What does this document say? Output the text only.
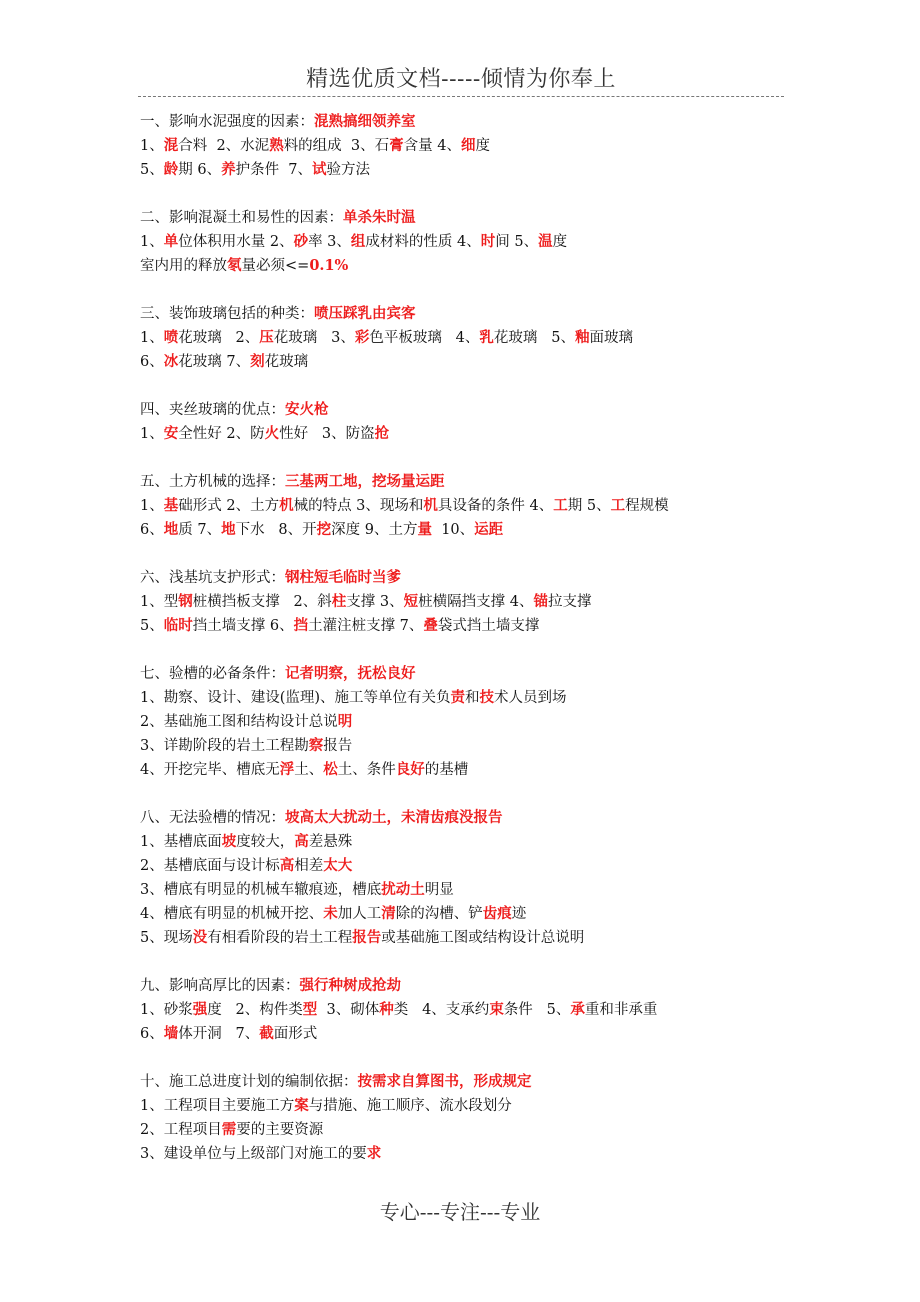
精选优质文档-----倾情为你奉上
一、影响水泥强度的因素：混熟搞细领养室
1、混合料  2、水泥熟料的组成  3、石膏含量 4、细度
5、龄期 6、养护条件  7、试验方法
二、影响混凝土和易性的因素：单杀朱时温
1、单位体积用水量 2、砂率 3、组成材料的性质 4、时间 5、温度
室内用的释放氡量必须<=0.1%
三、装饰玻璃包括的种类：喷压踩乳由宾客
1、喷花玻璃   2、压花玻璃   3、彩色平板玻璃   4、乳花玻璃   5、釉面玻璃
6、冰花玻璃 7、刻花玻璃
四、夹丝玻璃的优点：安火枪
1、安全性好 2、防火性好   3、防盗抢
五、土方机械的选择：三基两工地，挖场量运距
1、基础形式 2、土方机械的特点 3、现场和机具设备的条件 4、工期 5、工程规模
6、地质 7、地下水   8、开挖深度 9、土方量  10、运距
六、浅基坑支护形式：钢柱短毛临时当爹
1、型钢桩横挡板支撑   2、斜柱支撑 3、短桩横隔挡支撑 4、锚拉支撑
5、临时挡土墙支撑 6、挡土灌注桩支撑 7、叠袋式挡土墙支撑
七、验槽的必备条件：记者明察，抚松良好
1、勘察、设计、建设(监理)、施工等单位有关负责和技术人员到场
2、基础施工图和结构设计总说明
3、详勘阶段的岩土工程勘察报告
4、开挖完毕、槽底无浮土、松土、条件良好的基槽
八、无法验槽的情况：坡高太大扰动土，未清齿痕没报告
1、基槽底面坡度较大，高差悬殊
2、基槽底面与设计标高相差太大
3、槽底有明显的机械车辙痕迹，槽底扰动土明显
4、槽底有明显的机械开挖、未加人工清除的沟槽、铲齿痕迹
5、现场没有相看阶段的岩土工程报告或基础施工图或结构设计总说明
九、影响高厚比的因素：强行种树成抢劫
1、砂浆强度   2、构件类型  3、砌体种类   4、支承约束条件   5、承重和非承重
6、墙体开洞   7、截面形式
十、施工总进度计划的编制依据：按需求自算图书，形成规定
1、工程项目主要施工方案与措施、施工顺序、流水段划分
2、工程项目需要的主要资源
3、建设单位与上级部门对施工的要求
专心---专注---专业
